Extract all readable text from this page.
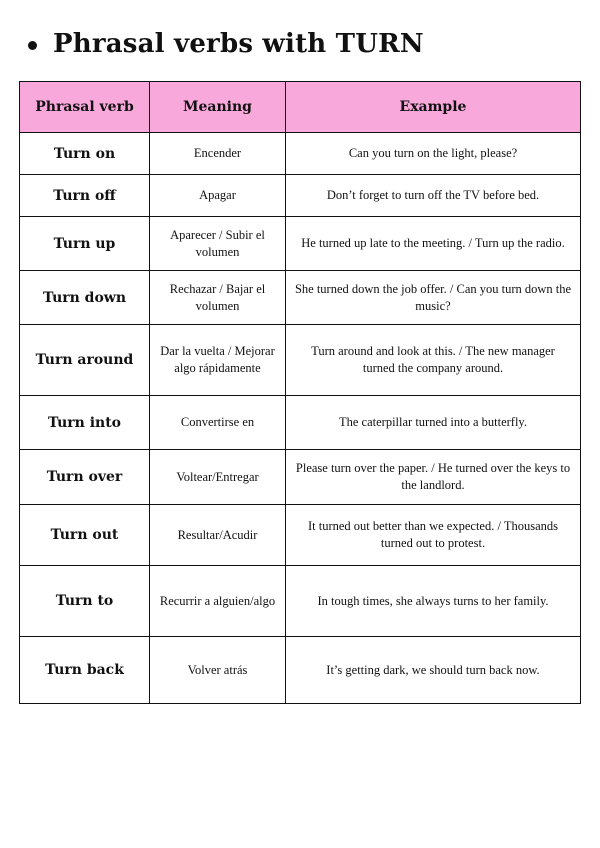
Phrasal verbs with TURN
Phrasal verb	Meaning	Example
Turn on	Encender	Can you turn on the light, please?
Turn off	Apagar	Don’t forget to turn off the TV before bed.
Turn up	Aparecer / Subir el volumen	He turned up late to the meeting. / Turn up the radio.
Turn down	Rechazar / Bajar el volumen	She turned down the job offer. / Can you turn down the music?
Turn around	Dar la vuelta / Mejorar algo rápidamente	Turn around and look at this. / The new manager turned the company around.
Turn into	Convertirse en	The caterpillar turned into a butterfly.
Turn over	Voltear/Entregar	Please turn over the paper. / He turned over the keys to the landlord.
Turn out	Resultar/Acudir	It turned out better than we expected. / Thousands turned out to protest.
Turn to	Recurrir a alguien/algo	In tough times, she always turns to her family.
Turn back	Volver atrás	It’s getting dark, we should turn back now.
